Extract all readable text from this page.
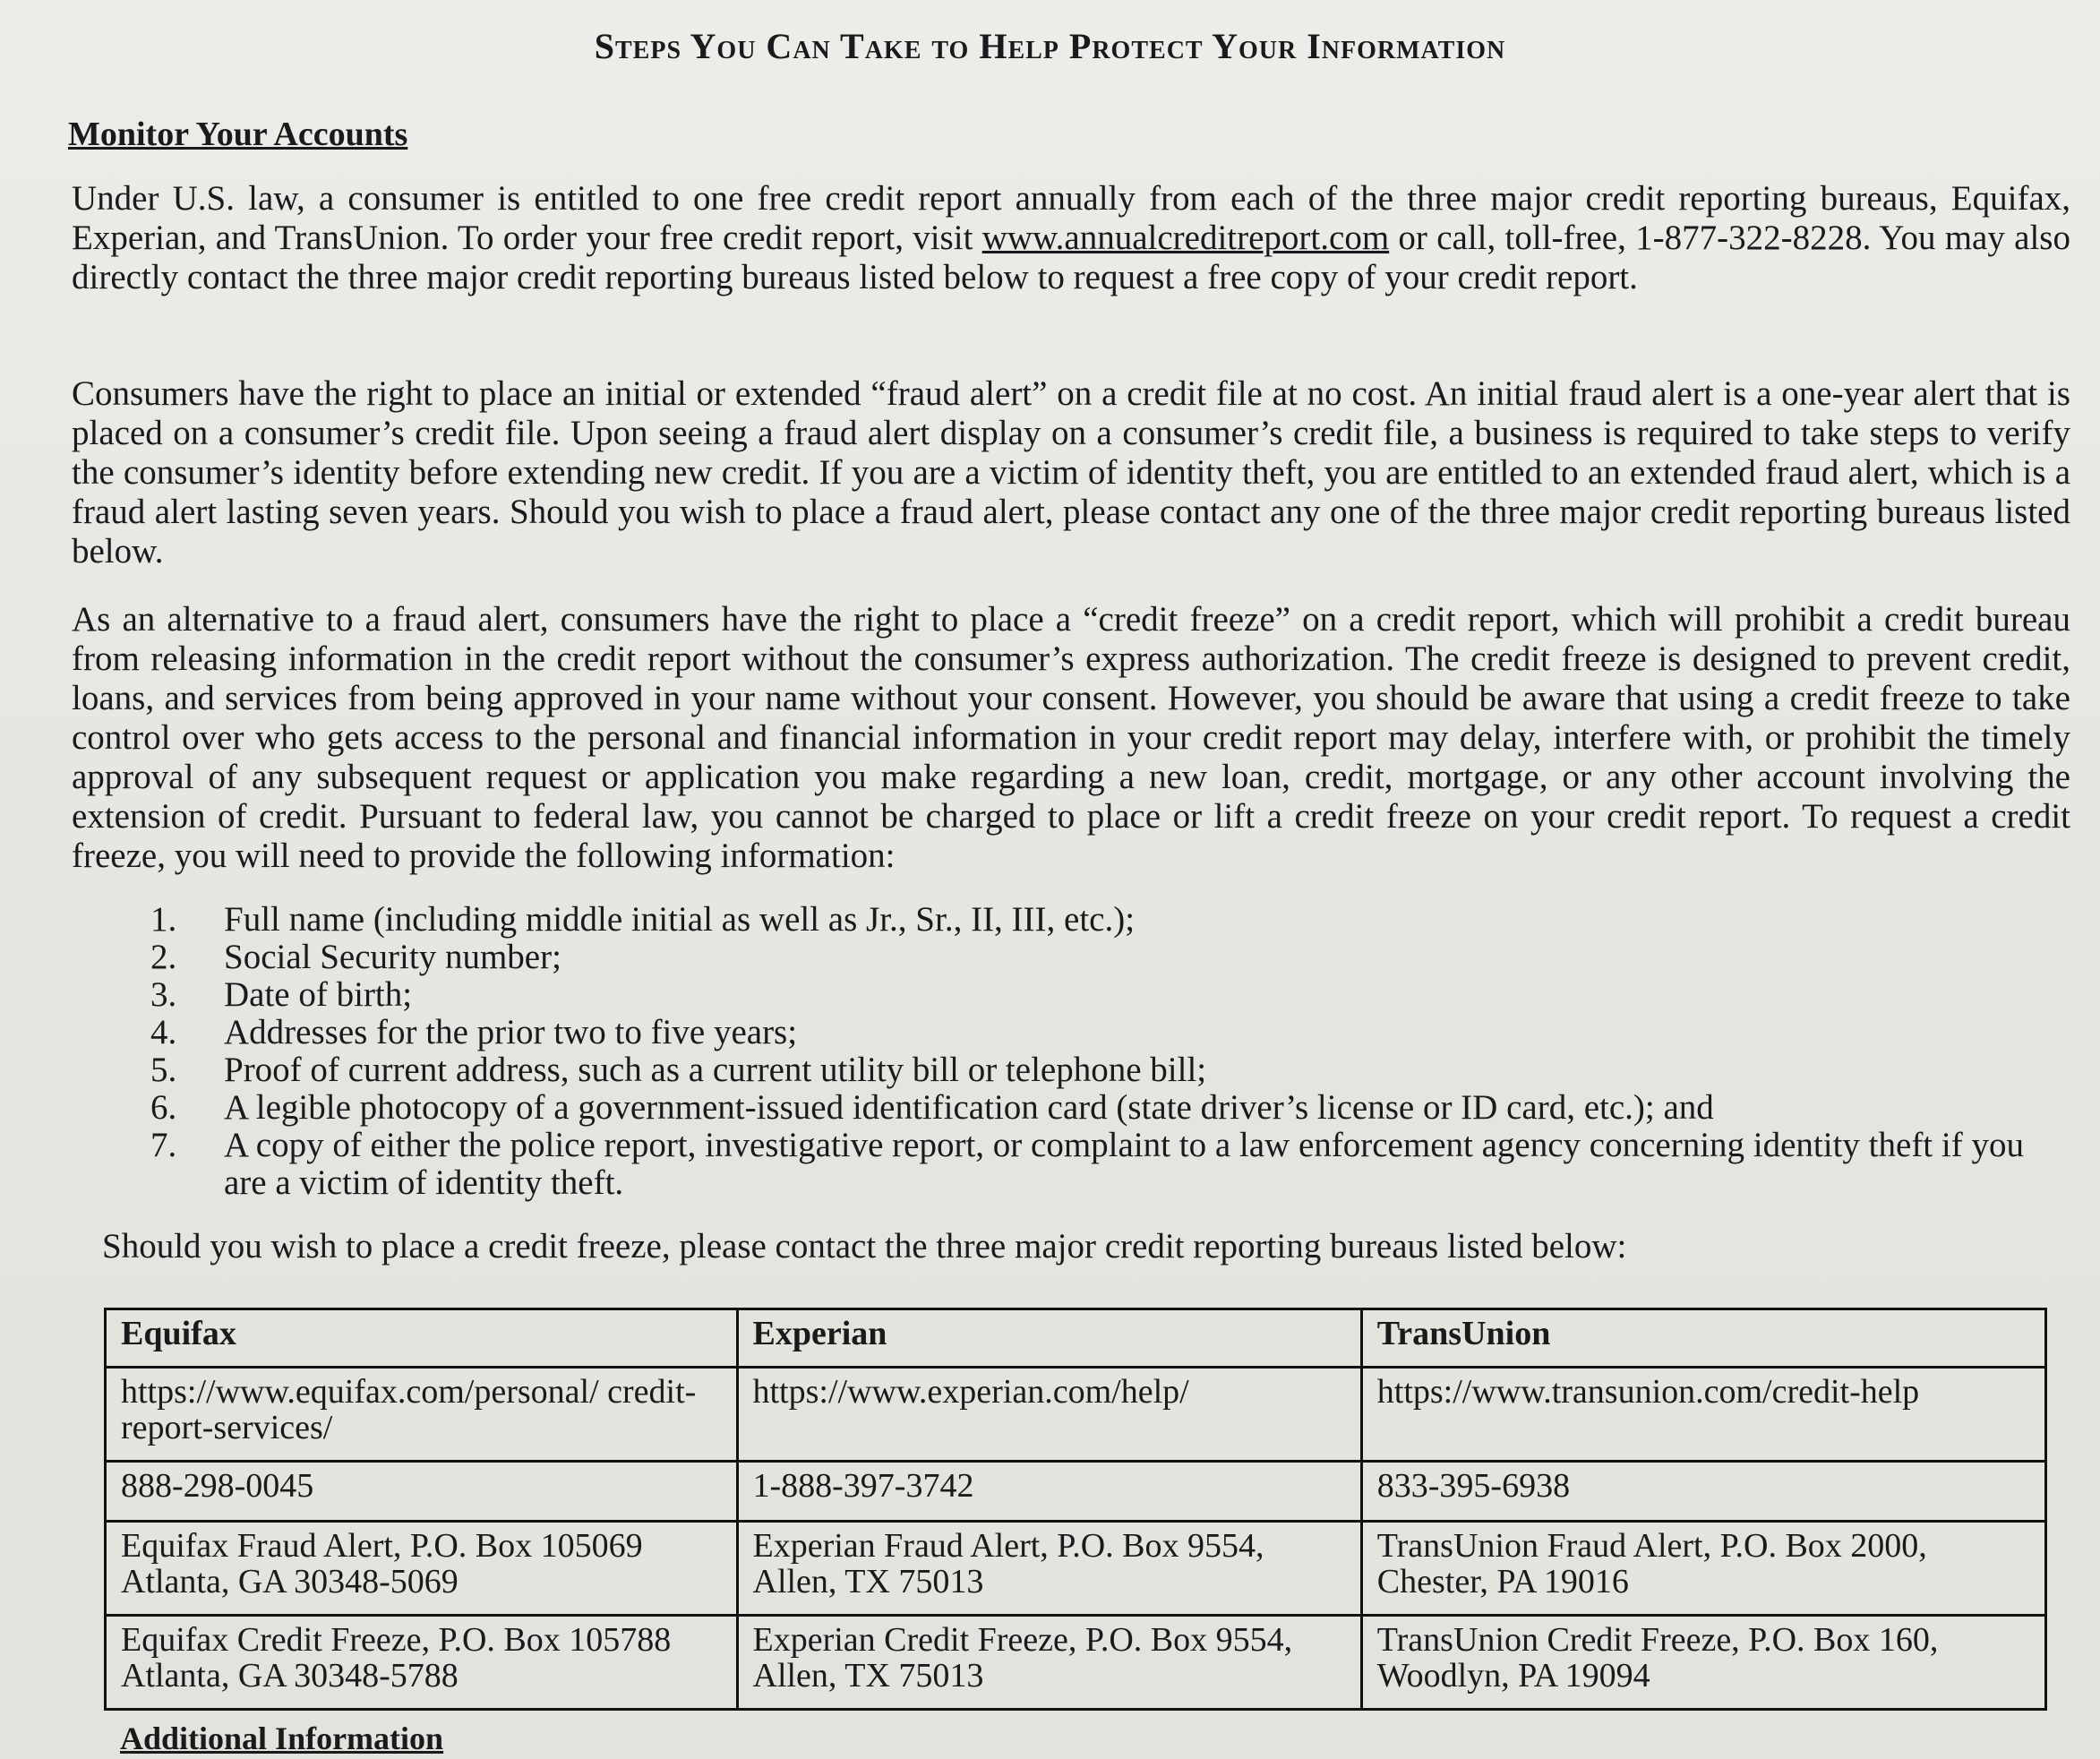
Steps You Can Take to Help Protect Your Information
Monitor Your Accounts
Under U.S. law, a consumer is entitled to one free credit report annually from each of the three major credit reporting bureaus, Equifax, Experian, and TransUnion. To order your free credit report, visit www.annualcreditreport.com or call, toll-free, 1-877-322-8228. You may also directly contact the three major credit reporting bureaus listed below to request a free copy of your credit report.
Consumers have the right to place an initial or extended “fraud alert” on a credit file at no cost. An initial fraud alert is a one-year alert that is placed on a consumer’s credit file. Upon seeing a fraud alert display on a consumer’s credit file, a business is required to take steps to verify the consumer’s identity before extending new credit. If you are a victim of identity theft, you are entitled to an extended fraud alert, which is a fraud alert lasting seven years. Should you wish to place a fraud alert, please contact any one of the three major credit reporting bureaus listed below.
As an alternative to a fraud alert, consumers have the right to place a “credit freeze” on a credit report, which will prohibit a credit bureau from releasing information in the credit report without the consumer’s express authorization. The credit freeze is designed to prevent credit, loans, and services from being approved in your name without your consent. However, you should be aware that using a credit freeze to take control over who gets access to the personal and financial information in your credit report may delay, interfere with, or prohibit the timely approval of any subsequent request or application you make regarding a new loan, credit, mortgage, or any other account involving the extension of credit. Pursuant to federal law, you cannot be charged to place or lift a credit freeze on your credit report. To request a credit freeze, you will need to provide the following information:
1.	Full name (including middle initial as well as Jr., Sr., II, III, etc.);
2.	Social Security number;
3.	Date of birth;
4.	Addresses for the prior two to five years;
5.	Proof of current address, such as a current utility bill or telephone bill;
6.	A legible photocopy of a government-issued identification card (state driver’s license or ID card, etc.); and
7.	A copy of either the police report, investigative report, or complaint to a law enforcement agency concerning identity theft if you are a victim of identity theft.
Should you wish to place a credit freeze, please contact the three major credit reporting bureaus listed below:
Equifax	Experian	TransUnion
https://www.equifax.com/personal/ credit-report-services/	https://www.experian.com/help/	https://www.transunion.com/credit-help
888-298-0045	1-888-397-3742	833-395-6938
Equifax Fraud Alert, P.O. Box 105069 Atlanta, GA 30348-5069	Experian Fraud Alert, P.O. Box 9554, Allen, TX 75013	TransUnion Fraud Alert, P.O. Box 2000, Chester, PA 19016
Equifax Credit Freeze, P.O. Box 105788 Atlanta, GA 30348-5788	Experian Credit Freeze, P.O. Box 9554, Allen, TX 75013	TransUnion Credit Freeze, P.O. Box 160, Woodlyn, PA 19094
Additional Information
